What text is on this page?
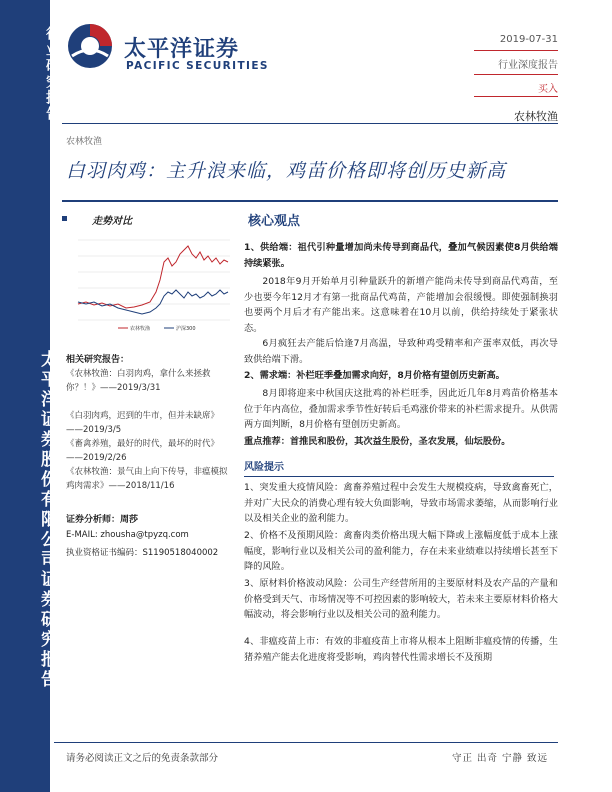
行业研究报告
太平洋证券股份有限公司证券研究报告
太平洋证券
PACIFIC SECURITIES
2019-07-31
行业深度报告
买入
农林牧渔
农林牧渔
白羽肉鸡：主升浪来临，鸡苗价格即将创历史新高
走势对比
农林牧渔	沪深300
相关研究报告：
《农林牧渔：白羽肉鸡，拿什么来拯救你？！》——2019/3/31
《白羽肉鸡，迟到的牛市，但并未缺席》——2019/3/5
《畜禽养殖，最好的时代，最坏的时代》——2019/2/26
《农林牧渔：景气由上向下传导，非瘟模拟鸡肉需求》——2018/11/16
证券分析师：周莎
E-MAIL: zhousha@tpyzq.com
执业资格证书编码：S1190518040002
核心观点
1、供给端：祖代引种量增加尚未传导到商品代，叠加气候因素使8月供给端持续紧张。
2018年9月开始单月引种量跃升的新增产能尚未传导到商品代鸡苗，至少也要今年12月才有第一批商品代鸡苗，产能增加会很缓慢。即使强制换羽也要两个月后才有产能出来。这意味着在10月以前，供给持续处于紧张状态。
6月疯狂去产能后恰逢7月高温，导致种鸡受精率和产蛋率双低，再次导致供给端下滑。
2、需求端：补栏旺季叠加需求向好，8月价格有望创历史新高。
8月即将迎来中秋国庆这批鸡的补栏旺季，因此近几年8月鸡苗价格基本位于年内高位，叠加需求季节性好转后毛鸡涨价带来的补栏需求提升。从供需两方面判断，8月价格有望创历史新高。
重点推荐：首推民和股份，其次益生股份，圣农发展，仙坛股份。
风险提示
1、突发重大疫情风险：禽畜养殖过程中会发生大规模疫病，导致禽畜死亡，并对广大民众的消费心理有较大负面影响，导致市场需求萎缩，从而影响行业以及相关企业的盈利能力。
2、价格不及预期风险：禽畜肉类价格出现大幅下降或上涨幅度低于成本上涨幅度，影响行业以及相关公司的盈利能力，存在未来业绩难以持续增长甚至下降的风险。
3、原材料价格波动风险：公司生产经营所用的主要原材料及农产品的产量和价格受到天气、市场情况等不可控因素的影响较大，若未来主要原材料价格大幅波动，将会影响行业以及相关公司的盈利能力。
4、非瘟疫苗上市：有效的非瘟疫苗上市将从根本上阻断非瘟疫情的传播，生猪养殖产能去化进度将受影响，鸡肉替代性需求增长不及预期
请务必阅读正文之后的免责条款部分	守正 出奇 宁静 致远
